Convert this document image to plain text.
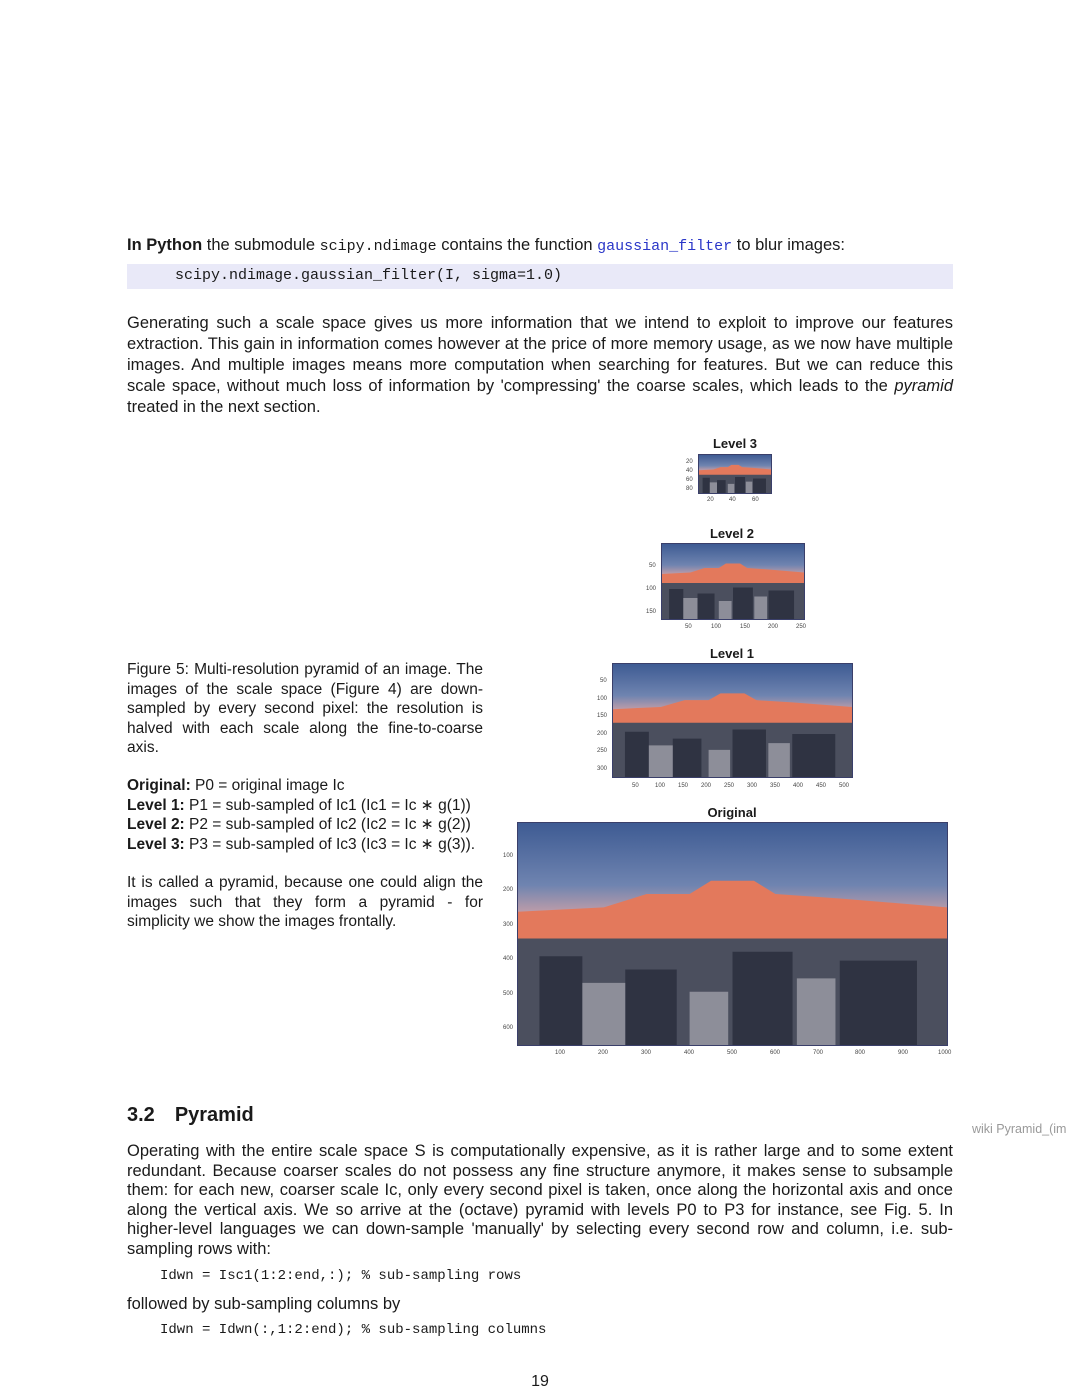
In Python the submodule scipy.ndimage contains the function gaussian_filter to blur images:
scipy.ndimage.gaussian_filter(I, sigma=1.0)
Generating such a scale space gives us more information that we intend to exploit to improve our features extraction. This gain in information comes however at the price of more memory usage, as we now have multiple images. And multiple images means more computation when searching for features. But we can reduce this scale space, without much loss of information by 'compressing' the coarse scales, which leads to the pyramid treated in the next section.
Figure 5: Multi-resolution pyramid of an image. The images of the scale space (Figure 4) are down-sampled by every second pixel: the resolution is halved with each scale along the fine-to-coarse axis.
Original: P0 = original image Ic
Level 1: P1 = sub-sampled of Ic1 (Ic1 = Ic ∗ g(1))
Level 2: P2 = sub-sampled of Ic2 (Ic2 = Ic ∗ g(2))
Level 3: P3 = sub-sampled of Ic3 (Ic3 = Ic ∗ g(3)).
It is called a pyramid, because one could align the images such that they form a pyramid - for simplicity we show the images frontally.
Level 3
20
40
60
80
20	40	60
Level 2
50
100
150
50	100	150	200	250
Level 1
50
100
150
200
250
300
50	100 150 200 250 300 350 400 450 500
Original
100
200
300
400
500
600
100	200	300	400	500	600	700	800	900	1000
3.2 Pyramid
wiki Pyramid_(im
Operating with the entire scale space S is computationally expensive, as it is rather large and to some extent redundant. Because coarser scales do not possess any fine structure anymore, it makes sense to subsample them: for each new, coarser scale Ic, only every second pixel is taken, once along the horizontal axis and once along the vertical axis. We so arrive at the (octave) pyramid with levels P0 to P3 for instance, see Fig. 5. In higher-level languages we can down-sample 'manually' by selecting every second row and column, i.e. sub-sampling rows with:
Idwn = Isc1(1:2:end,:); % sub-sampling rows
followed by sub-sampling columns by
Idwn = Idwn(:,1:2:end); % sub-sampling columns
19
